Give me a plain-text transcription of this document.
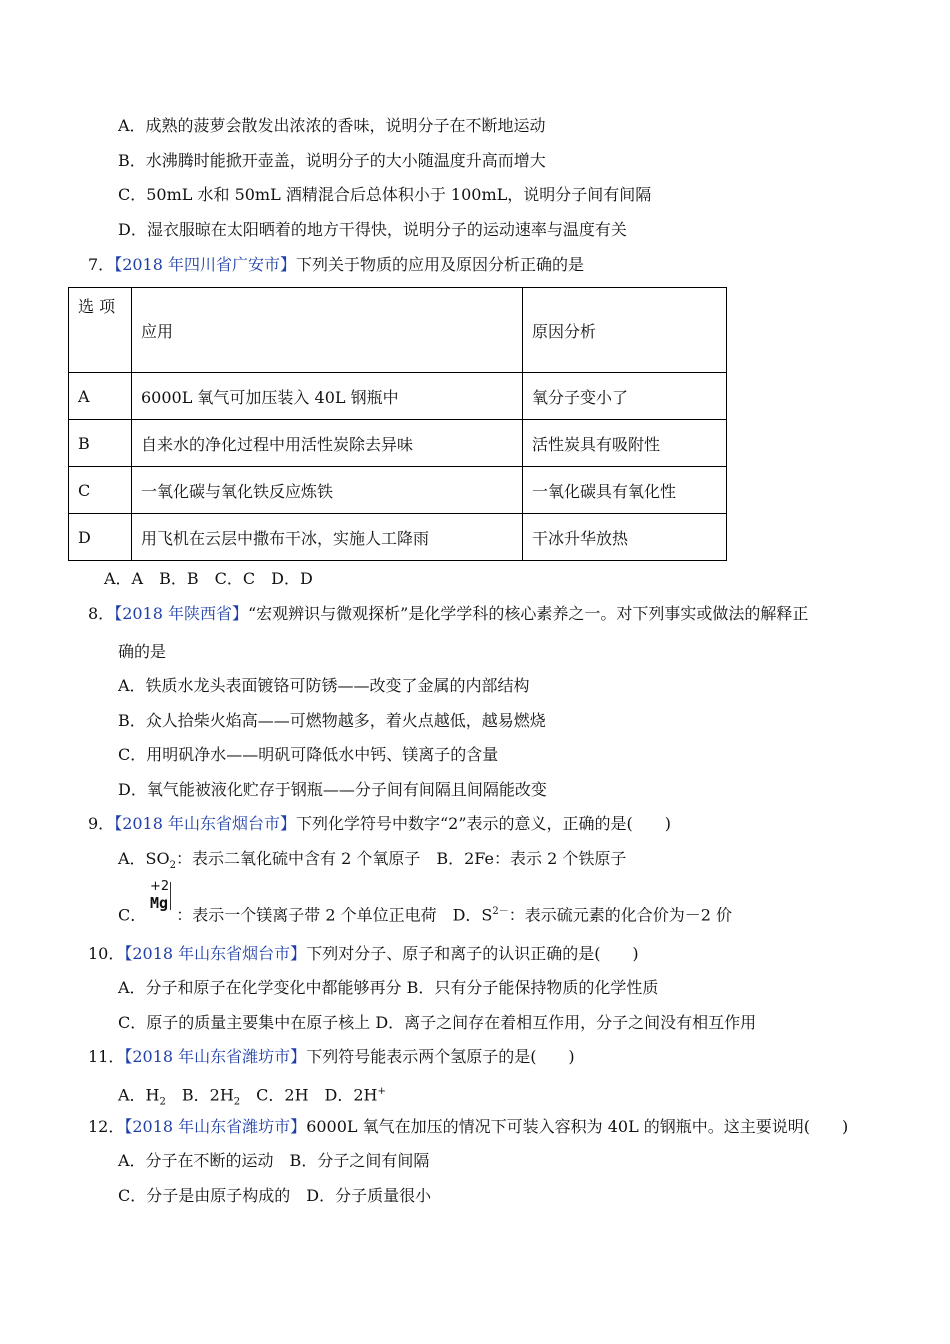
A．成熟的菠萝会散发出浓浓的香味，说明分子在不断地运动
B．水沸腾时能掀开壶盖，说明分子的大小随温度升高而增大
C．50mL 水和 50mL 酒精混合后总体积小于 100mL，说明分子间有间隔
D．湿衣服晾在太阳晒着的地方干得快，说明分子的运动速率与温度有关
7．【2018 年四川省广安市】下列关于物质的应用及原因分析正确的是
选 项	应用	原因分析
A	6000L 氧气可加压装入 40L 钢瓶中	氧分子变小了
B	自来水的净化过程中用活性炭除去异味	活性炭具有吸附性
C	一氧化碳与氧化铁反应炼铁	一氧化碳具有氧化性
D	用飞机在云层中撒布干冰，实施人工降雨	干冰升华放热
A．A　B．B　C．C　D．D
8．【2018 年陕西省】“宏观辨识与微观探析”是化学学科的核心素养之一。对下列事实或做法的解释正
确的是
A．铁质水龙头表面镀铬可防锈——改变了金属的内部结构
B．众人拾柴火焰高——可燃物越多，着火点越低，越易燃烧
C．用明矾净水——明矾可降低水中钙、镁离子的含量
D．氧气能被液化贮存于钢瓶——分子间有间隔且间隔能改变
9．【2018 年山东省烟台市】下列化学符号中数字“2”表示的意义，正确的是(　　)
A．$SO_2$：表示二氧化硫中含有 2 个氧原子　B．2Fe：表示 2 个铁原子
+2
Mg
C． ：表示一个镁离子带 2 个单位正电荷　D．$S^{2-}$：表示硫元素的化合价为－2 价
10．【2018 年山东省烟台市】下列对分子、原子和离子的认识正确的是(　　)
A．分子和原子在化学变化中都能够再分 B．只有分子能保持物质的化学性质
C．原子的质量主要集中在原子核上 D．离子之间存在着相互作用，分子之间没有相互作用
11．【2018 年山东省潍坊市】下列符号能表示两个氢原子的是(　　)
A．$H_2$　B．$2H_2$　C．2H　D．2H+
12．【2018 年山东省潍坊市】6000L 氧气在加压的情况下可装入容积为 40L 的钢瓶中。这主要说明(　　)
A．分子在不断的运动　B．分子之间有间隔
C．分子是由原子构成的　D．分子质量很小
